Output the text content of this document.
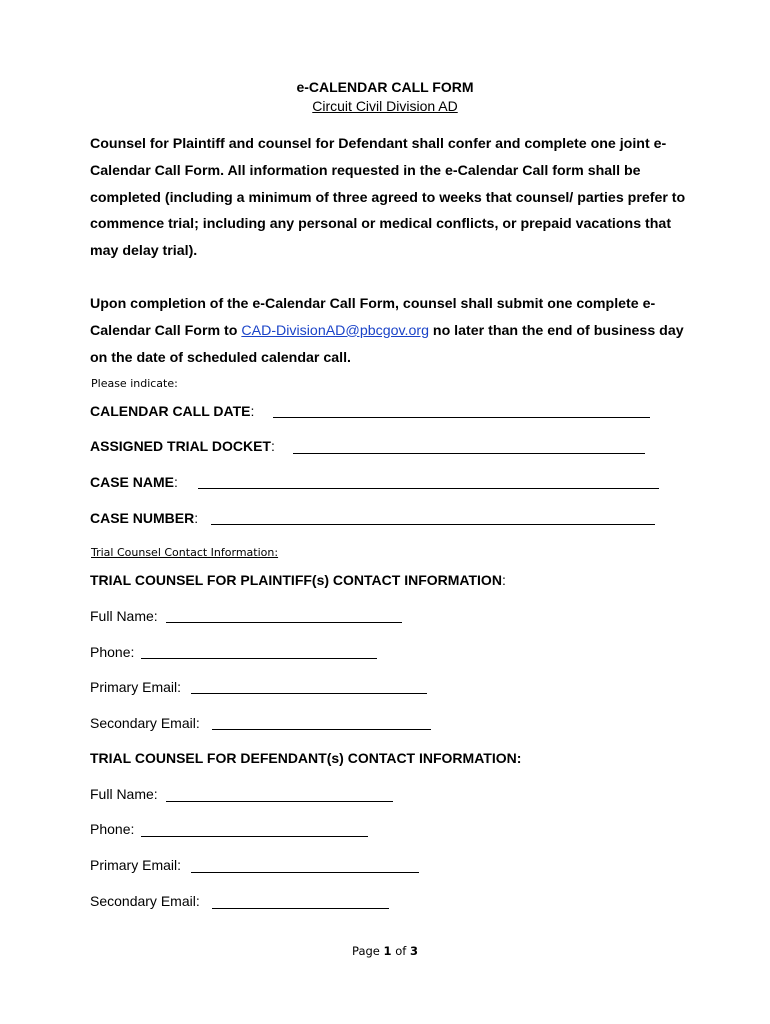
e-CALENDAR CALL FORM
Circuit Civil Division AD
Counsel for Plaintiff and counsel for Defendant shall confer and complete one joint e-Calendar Call Form. All information requested in the e-Calendar Call form shall be completed (including a minimum of three agreed to weeks that counsel/ parties prefer to commence trial; including any personal or medical conflicts, or prepaid vacations that may delay trial).
Upon completion of the e-Calendar Call Form, counsel shall submit one complete e-Calendar Call Form to CAD-DivisionAD@pbcgov.org no later than the end of business day on the date of scheduled calendar call.
Please indicate:
CALENDAR CALL DATE:
ASSIGNED TRIAL DOCKET:
CASE NAME:
CASE NUMBER:
Trial Counsel Contact Information:
TRIAL COUNSEL FOR PLAINTIFF(s) CONTACT INFORMATION:
Full Name:
Phone:
Primary Email:
Secondary Email:
TRIAL COUNSEL FOR DEFENDANT(s) CONTACT INFORMATION:
Full Name:
Phone:
Primary Email:
Secondary Email:
Page 1 of 3
